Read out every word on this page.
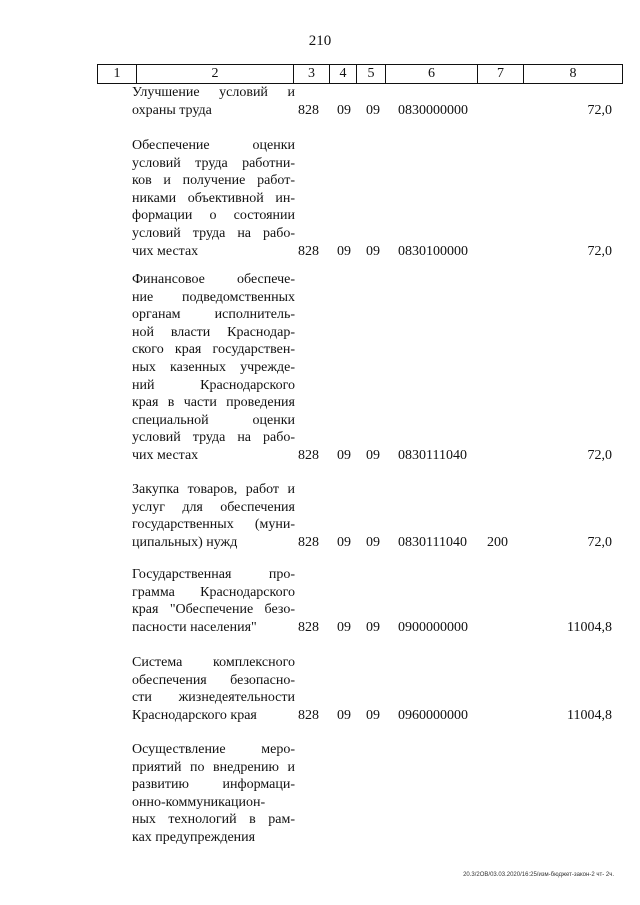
210
1	2	3	4	5	6	7	8
Улучшение условий и
охраны труда	828 09 09 0830000000	72,0
Обеспечение оценки
условий труда работни-
ков и получение работ-
никами объективной ин-
формации о состоянии
условий труда на рабо-
чих местах	828 09 09 0830100000	72,0
Финансовое обеспече-
ние подведомственных
органам исполнитель-
ной власти Краснодар-
ского края государствен-
ных казенных учрежде-
ний Краснодарского
края в части проведения
специальной оценки
условий труда на рабо-
чих местах	828 09 09 0830111040	72,0
Закупка товаров, работ и
услуг для обеспечения
государственных (муни-
ципальных) нужд	828 09 09 0830111040 200	72,0
Государственная про-
грамма Краснодарского
края "Обеспечение безо-
пасности населения"	828 09 09 0900000000	11004,8
Система комплексного
обеспечения безопасно-
сти жизнедеятельности
Краснодарского края	828 09 09 0960000000	11004,8
Осуществление меро-
приятий по внедрению и
развитию информаци-
онно-коммуникацион-
ных технологий в рам-
ках предупреждения
20.3/2OB/03.03.2020/16:25/изм-бюджет-закон-2 чт- 2ч.
